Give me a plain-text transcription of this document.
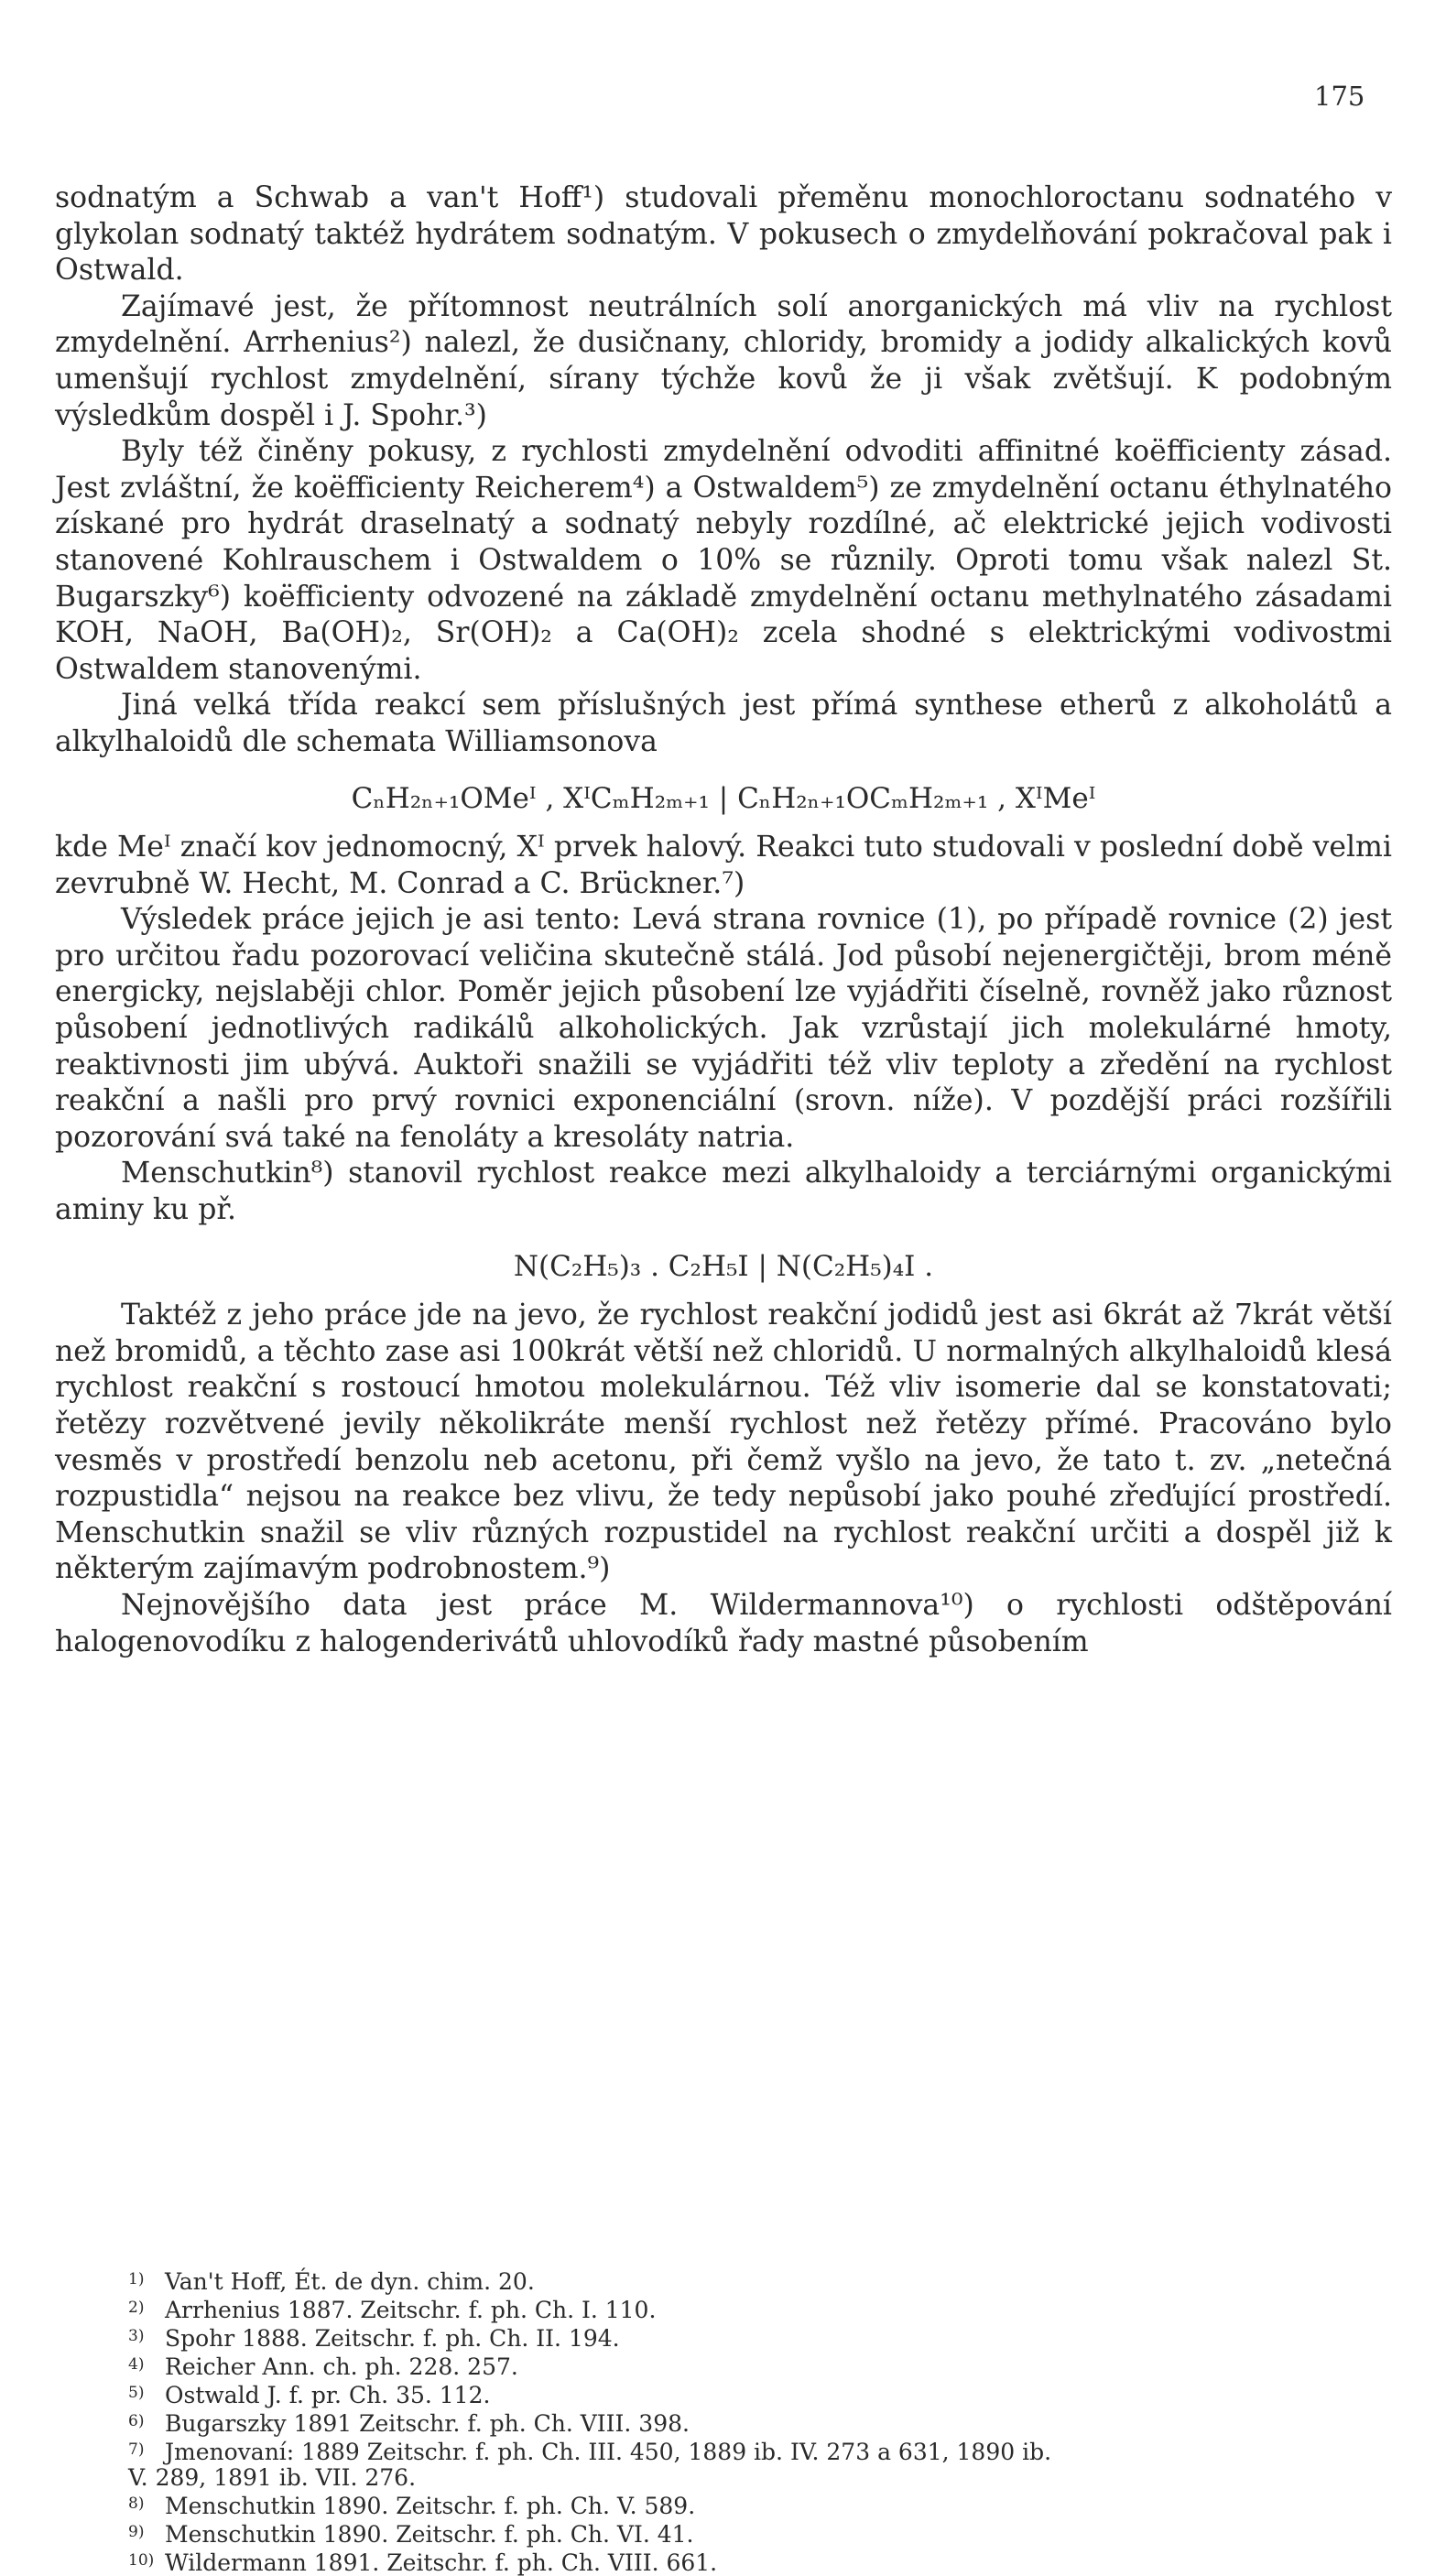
175

sodnatým a Schwab a van't Hoff¹) studovali přeměnu monochloroctanu sodnatého v glykolan sodnatý taktéž hydrátem sodnatým. V pokusech o zmydelňování pokračoval pak i Ostwald.

Zajímavé jest, že přítomnost neutrálních solí anorganických má vliv na rychlost zmydelnění. Arrhenius²) nalezl, že dusičnany, chloridy, bromidy a jodidy alkalických kovů umenšují rychlost zmydelnění, sírany týchže kovů že ji však zvětšují. K podobným výsledkům dospěl i J. Spohr.³)

Byly též činěny pokusy, z rychlosti zmydelnění odvoditi affinitné koëfficienty zásad. Jest zvláštní, že koëfficienty Reicherem⁴) a Ostwaldem⁵) ze zmydelnění octanu éthylnatého získané pro hydrát draselnatý a sodnatý nebyly rozdílné, ač elektrické jejich vodivosti stanovené Kohlrauschem i Ostwaldem o 10% se různily. Oproti tomu však nalezl St. Bugarszky⁶) koëfficienty odvozené na základě zmydelnění octanu methylnatého zásadami KOH, NaOH, Ba(OH)₂, Sr(OH)₂ a Ca(OH)₂ zcela shodné s elektrickými vodivostmi Ostwaldem stanovenými.

Jiná velká třída reakcí sem příslušných jest přímá synthese etherů z alkoholátů a alkylhaloidů dle schemata Williamsonova

CₙH₂ₙ₊₁OMeᴵ , XᴵCₘH₂ₘ₊₁ | CₙH₂ₙ₊₁OCₘH₂ₘ₊₁ , XᴵMeᴵ

kde Meᴵ značí kov jednomocný, Xᴵ prvek halový. Reakci tuto studovali v poslední době velmi zevrubně W. Hecht, M. Conrad a C. Brückner.⁷)

Výsledek práce jejich je asi tento: Levá strana rovnice (1), po případě rovnice (2) jest pro určitou řadu pozorovací veličina skutečně stálá. Jod působí nejenergičtěji, brom méně energicky, nejslaběji chlor. Poměr jejich působení lze vyjádřiti číselně, rovněž jako různost působení jednotlivých radikálů alkoholických. Jak vzrůstají jich molekulárné hmoty, reaktivnosti jim ubývá. Auktoři snažili se vyjádřiti též vliv teploty a zředění na rychlost reakční a našli pro prvý rovnici exponenciální (srovn. níže). V pozdější práci rozšířili pozorování svá také na fenoláty a kresoláty natria.

Menschutkin⁸) stanovil rychlost reakce mezi alkylhaloidy a terciárnými organickými aminy ku př.

N(C₂H₅)₃ . C₂H₅I | N(C₂H₅)₄I .

Taktéž z jeho práce jde na jevo, že rychlost reakční jodidů jest asi 6krát až 7krát větší než bromidů, a těchto zase asi 100krát větší než chloridů. U normalných alkylhaloidů klesá rychlost reakční s rostoucí hmotou molekulárnou. Též vliv isomerie dal se konstatovati; řetězy rozvětvené jevily několikráte menší rychlost než řetězy přímé. Pracováno bylo vesměs v prostředí benzolu neb acetonu, při čemž vyšlo na jevo, že tato t. zv. „netečná rozpustidla“ nejsou na reakce bez vlivu, že tedy nepůsobí jako pouhé zřeďující prostředí. Menschutkin snažil se vliv různých rozpustidel na rychlost reakční určiti a dospěl již k některým zajímavým podrobnostem.⁹)

Nejnovějšího data jest práce M. Wildermannova¹⁰) o rychlosti odštěpování halogenovodíku z halogenderivátů uhlovodíků řady mastné působením

1) Van't Hoff, Ét. de dyn. chim. 20.

2) Arrhenius 1887. Zeitschr. f. ph. Ch. I. 110.

3) Spohr 1888. Zeitschr. f. ph. Ch. II. 194.

4) Reicher Ann. ch. ph. 228. 257.

5) Ostwald J. f. pr. Ch. 35. 112.

6) Bugarszky 1891 Zeitschr. f. ph. Ch. VIII. 398.

7) Jmenovaní: 1889 Zeitschr. f. ph. Ch. III. 450, 1889 ib. IV. 273 a 631, 1890 ib.

V. 289, 1891 ib. VII. 276.

8) Menschutkin 1890. Zeitschr. f. ph. Ch. V. 589.

9) Menschutkin 1890. Zeitschr. f. ph. Ch. VI. 41.

10) Wildermann 1891. Zeitschr. f. ph. Ch. VIII. 661.
